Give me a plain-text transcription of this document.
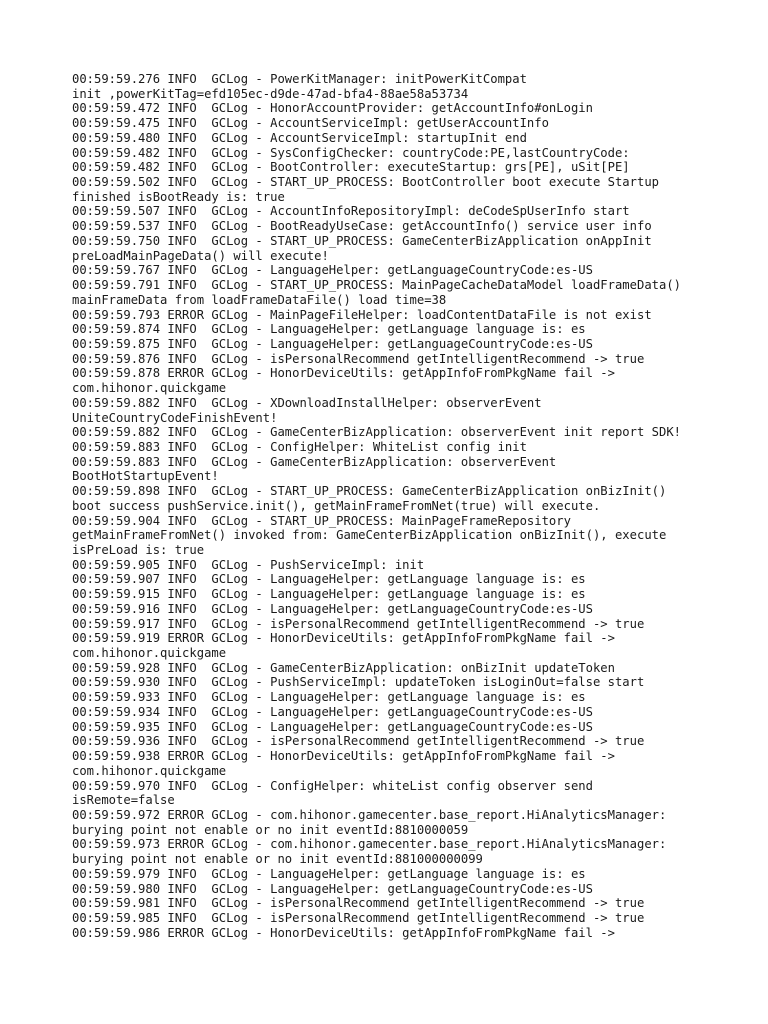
00:59:59.276 INFO  GCLog - PowerKitManager: initPowerKitCompat
init ,powerKitTag=efd105ec-d9de-47ad-bfa4-88ae58a53734
00:59:59.472 INFO  GCLog - HonorAccountProvider: getAccountInfo#onLogin
00:59:59.475 INFO  GCLog - AccountServiceImpl: getUserAccountInfo
00:59:59.480 INFO  GCLog - AccountServiceImpl: startupInit end
00:59:59.482 INFO  GCLog - SysConfigChecker: countryCode:PE,lastCountryCode:
00:59:59.482 INFO  GCLog - BootController: executeStartup: grs[PE], uSit[PE]
00:59:59.502 INFO  GCLog - START_UP_PROCESS: BootController boot execute Startup
finished isBootReady is: true
00:59:59.507 INFO  GCLog - AccountInfoRepositoryImpl: deCodeSpUserInfo start
00:59:59.537 INFO  GCLog - BootReadyUseCase: getAccountInfo() service user info
00:59:59.750 INFO  GCLog - START_UP_PROCESS: GameCenterBizApplication onAppInit
preLoadMainPageData() will execute!
00:59:59.767 INFO  GCLog - LanguageHelper: getLanguageCountryCode:es-US
00:59:59.791 INFO  GCLog - START_UP_PROCESS: MainPageCacheDataModel loadFrameData()
mainFrameData from loadFrameDataFile() load time=38
00:59:59.793 ERROR GCLog - MainPageFileHelper: loadContentDataFile is not exist
00:59:59.874 INFO  GCLog - LanguageHelper: getLanguage language is: es
00:59:59.875 INFO  GCLog - LanguageHelper: getLanguageCountryCode:es-US
00:59:59.876 INFO  GCLog - isPersonalRecommend getIntelligentRecommend -> true
00:59:59.878 ERROR GCLog - HonorDeviceUtils: getAppInfoFromPkgName fail ->
com.hihonor.quickgame
00:59:59.882 INFO  GCLog - XDownloadInstallHelper: observerEvent
UniteCountryCodeFinishEvent!
00:59:59.882 INFO  GCLog - GameCenterBizApplication: observerEvent init report SDK!
00:59:59.883 INFO  GCLog - ConfigHelper: WhiteList config init
00:59:59.883 INFO  GCLog - GameCenterBizApplication: observerEvent
BootHotStartupEvent!
00:59:59.898 INFO  GCLog - START_UP_PROCESS: GameCenterBizApplication onBizInit()
boot success pushService.init(), getMainFrameFromNet(true) will execute.
00:59:59.904 INFO  GCLog - START_UP_PROCESS: MainPageFrameRepository
getMainFrameFromNet() invoked from: GameCenterBizApplication onBizInit(), execute
isPreLoad is: true
00:59:59.905 INFO  GCLog - PushServiceImpl: init
00:59:59.907 INFO  GCLog - LanguageHelper: getLanguage language is: es
00:59:59.915 INFO  GCLog - LanguageHelper: getLanguage language is: es
00:59:59.916 INFO  GCLog - LanguageHelper: getLanguageCountryCode:es-US
00:59:59.917 INFO  GCLog - isPersonalRecommend getIntelligentRecommend -> true
00:59:59.919 ERROR GCLog - HonorDeviceUtils: getAppInfoFromPkgName fail ->
com.hihonor.quickgame
00:59:59.928 INFO  GCLog - GameCenterBizApplication: onBizInit updateToken
00:59:59.930 INFO  GCLog - PushServiceImpl: updateToken isLoginOut=false start
00:59:59.933 INFO  GCLog - LanguageHelper: getLanguage language is: es
00:59:59.934 INFO  GCLog - LanguageHelper: getLanguageCountryCode:es-US
00:59:59.935 INFO  GCLog - LanguageHelper: getLanguageCountryCode:es-US
00:59:59.936 INFO  GCLog - isPersonalRecommend getIntelligentRecommend -> true
00:59:59.938 ERROR GCLog - HonorDeviceUtils: getAppInfoFromPkgName fail ->
com.hihonor.quickgame
00:59:59.970 INFO  GCLog - ConfigHelper: whiteList config observer send
isRemote=false
00:59:59.972 ERROR GCLog - com.hihonor.gamecenter.base_report.HiAnalyticsManager:
burying point not enable or no init eventId:8810000059
00:59:59.973 ERROR GCLog - com.hihonor.gamecenter.base_report.HiAnalyticsManager:
burying point not enable or no init eventId:881000000099
00:59:59.979 INFO  GCLog - LanguageHelper: getLanguage language is: es
00:59:59.980 INFO  GCLog - LanguageHelper: getLanguageCountryCode:es-US
00:59:59.981 INFO  GCLog - isPersonalRecommend getIntelligentRecommend -> true
00:59:59.985 INFO  GCLog - isPersonalRecommend getIntelligentRecommend -> true
00:59:59.986 ERROR GCLog - HonorDeviceUtils: getAppInfoFromPkgName fail ->
